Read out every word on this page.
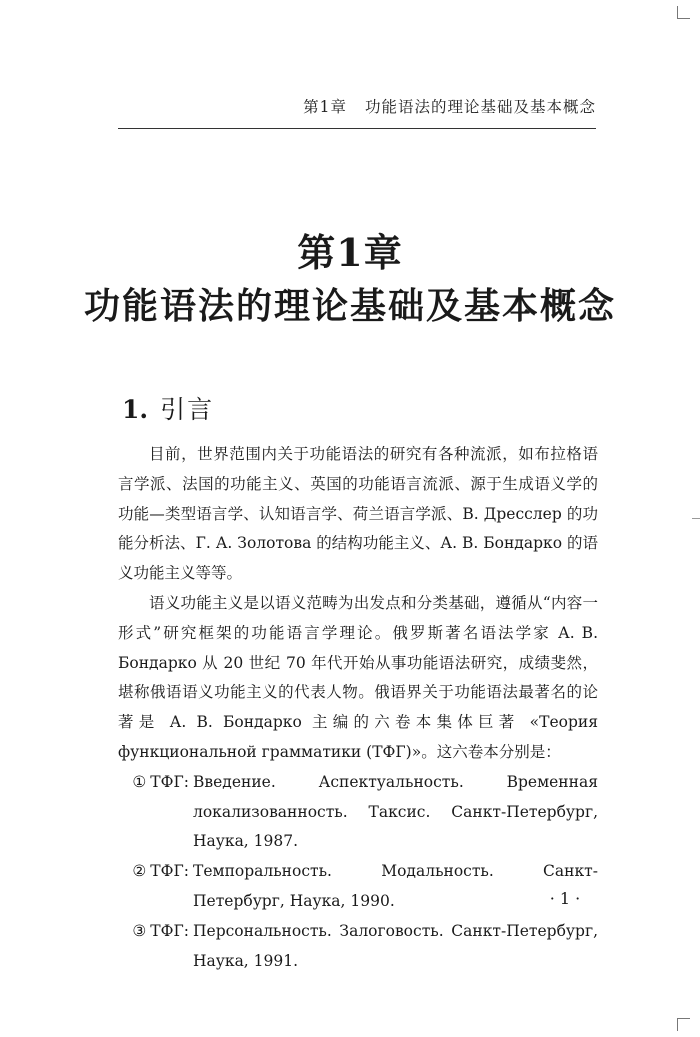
第1章 功能语法的理论基础及基本概念
第1章
功能语法的理论基础及基本概念
1. 引言

目前，世界范围内关于功能语法的研究有各种流派，如布拉格语言学派、法国的功能主义、英国的功能语言流派、源于生成语义学的功能—类型语言学、认知语言学、荷兰语言学派、В. Дресслер 的功能分析法、Г. А. Золотова 的结构功能主义、А. В. Бондарко 的语义功能主义等等。

语义功能主义是以语义范畴为出发点和分类基础，遵循从“内容一形式”研究框架的功能语言学理论。俄罗斯著名语法学家 А. В. Бондарко 从 20 世纪 70 年代开始从事功能语法研究，成绩斐然，堪称俄语语义功能主义的代表人物。俄语界关于功能语法最著名的论著是 А. В. Бондарко 主编的六卷本集体巨著 «Теория функциональной грамматики (ТФГ)»。这六卷本分别是：

① ТФГ: Введение. Аспектуальность. Временная локализованность. Таксис. Санкт-Петербург, Наука, 1987.
② ТФГ: Темпоральность. Модальность. Санкт-Петербург, Наука, 1990.
③ ТФГ: Персональность. Залоговость. Санкт-Петербург, Наука, 1991.
· 1 ·
